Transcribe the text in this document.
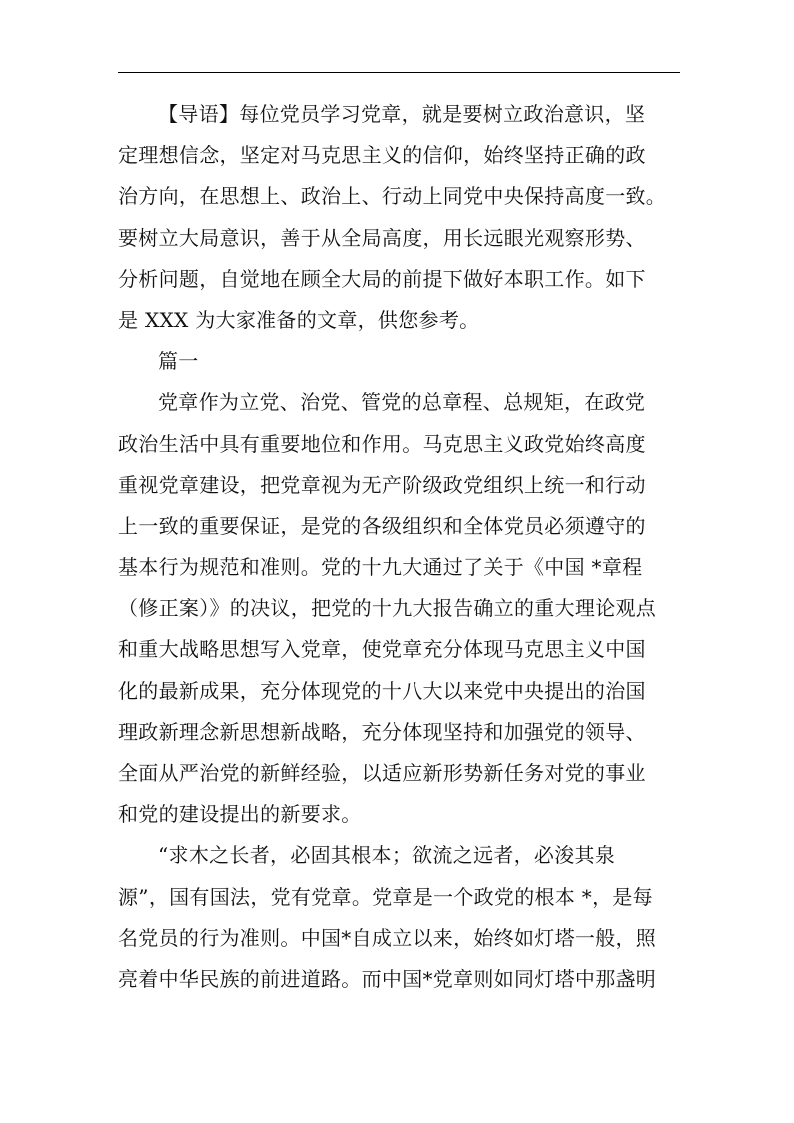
【导语】每位党员学习党章，就是要树立政治意识，坚
定理想信念，坚定对马克思主义的信仰，始终坚持正确的政
治方向，在思想上、政治上、行动上同党中央保持高度一致。
要树立大局意识，善于从全局高度，用长远眼光观察形势、
分析问题，自觉地在顾全大局的前提下做好本职工作。如下
是 XXX 为大家准备的文章，供您参考。
篇一
党章作为立党、治党、管党的总章程、总规矩，在政党
政治生活中具有重要地位和作用。马克思主义政党始终高度
重视党章建设，把党章视为无产阶级政党组织上统一和行动
上一致的重要保证，是党的各级组织和全体党员必须遵守的
基本行为规范和准则。党的十九大通过了关于《中国 *章程
（修正案）》的决议，把党的十九大报告确立的重大理论观点
和重大战略思想写入党章，使党章充分体现马克思主义中国
化的最新成果，充分体现党的十八大以来党中央提出的治国
理政新理念新思想新战略，充分体现坚持和加强党的领导、
全面从严治党的新鲜经验，以适应新形势新任务对党的事业
和党的建设提出的新要求。
“求木之长者，必固其根本；欲流之远者，必浚其泉
源”，国有国法，党有党章。党章是一个政党的根本 *，是每
名党员的行为准则。中国*自成立以来，始终如灯塔一般，照
亮着中华民族的前进道路。而中国*党章则如同灯塔中那盏明
